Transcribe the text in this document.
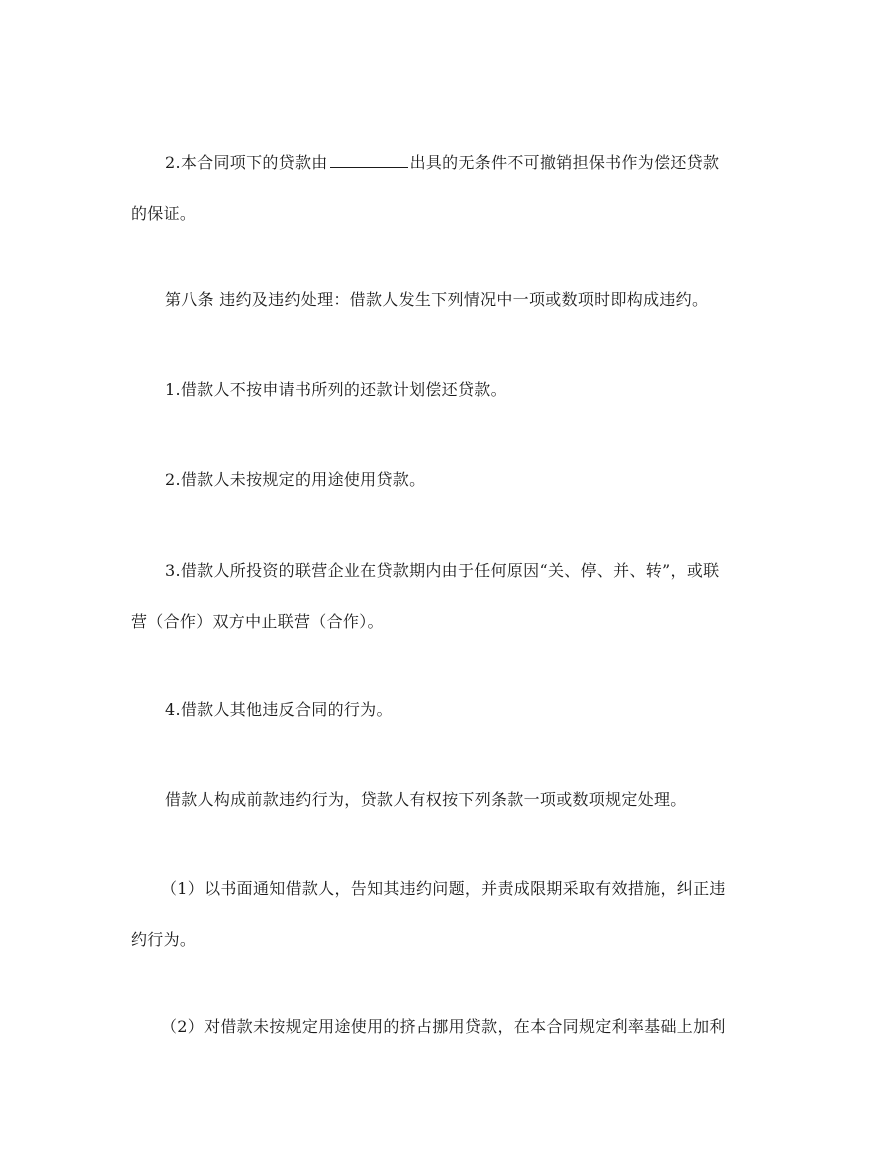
2.本合同项下的贷款由	出具的无条件不可撤销担保书作为偿还贷款
的保证。
第八条 违约及违约处理：借款人发生下列情况中一项或数项时即构成违约。
1.借款人不按申请书所列的还款计划偿还贷款。
2.借款人未按规定的用途使用贷款。
3.借款人所投资的联营企业在贷款期内由于任何原因“关、停、并、转”，或联
营（合作）双方中止联营（合作）。
4.借款人其他违反合同的行为。
借款人构成前款违约行为，贷款人有权按下列条款一项或数项规定处理。
（1）以书面通知借款人，告知其违约问题，并责成限期采取有效措施，纠正违
约行为。
（2）对借款未按规定用途使用的挤占挪用贷款，在本合同规定利率基础上加利
